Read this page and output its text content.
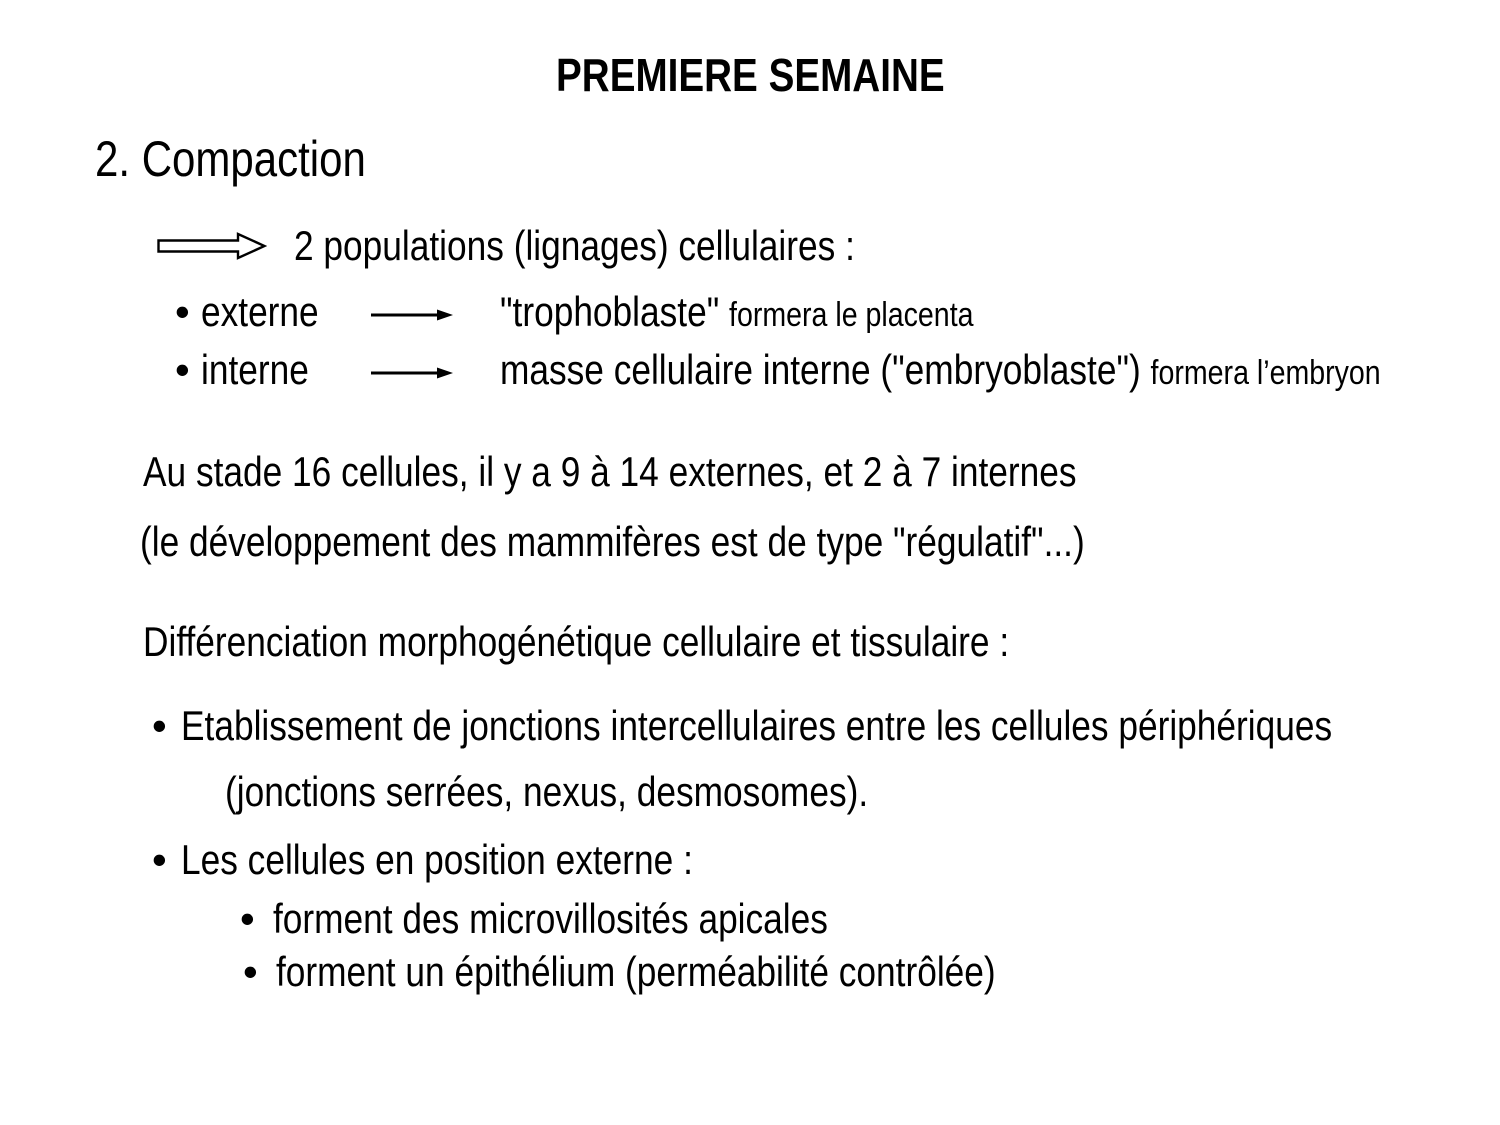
PREMIERE SEMAINE
2. Compaction
2 populations (lignages) cellulaires :
• externe	"trophoblaste" formera le placenta
• interne	masse cellulaire interne ("embryoblaste") formera l’embryon
Au stade 16 cellules, il y a 9 à 14 externes, et 2 à 7 internes
(le développement des mammifères est de type "régulatif"...)
Différenciation morphogénétique cellulaire et tissulaire :
• Etablissement de jonctions intercellulaires entre les cellules périphériques
(jonctions serrées, nexus, desmosomes).
• Les cellules en position externe :
• forment des microvillosités apicales
• forment un épithélium (perméabilité contrôlée)
